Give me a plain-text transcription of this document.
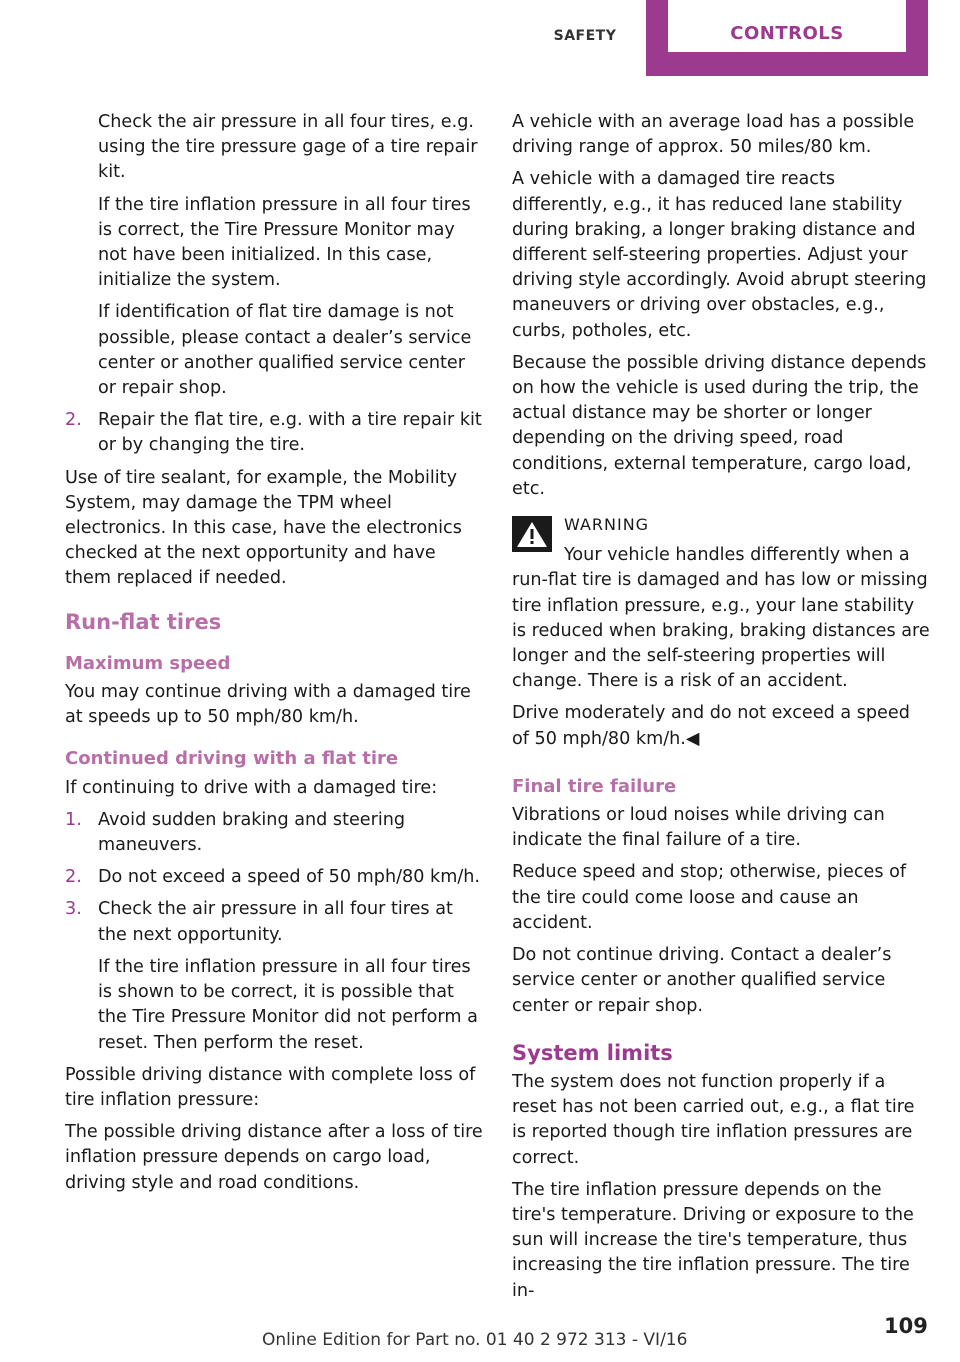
SAFETY	CONTROLS

Check the air pressure in all four tires, e.g. using the tire pressure gage of a tire repair kit.

If the tire inflation pressure in all four tires is correct, the Tire Pressure Monitor may not have been initialized. In this case, initialize the system.

If identification of flat tire damage is not possible, please contact a dealer’s service center or another qualified service center or repair shop.

2. Repair the flat tire, e.g. with a tire repair kit or by changing the tire.

Use of tire sealant, for example, the Mobility System, may damage the TPM wheel electronics. In this case, have the electronics checked at the next opportunity and have them replaced if needed.

Run-flat tires
Maximum speed

You may continue driving with a damaged tire at speeds up to 50 mph/80 km/h.

Continued driving with a flat tire

If continuing to drive with a damaged tire:

1. Avoid sudden braking and steering maneuvers.
2. Do not exceed a speed of 50 mph/80 km/h.
3. Check the air pressure in all four tires at the next opportunity.

If the tire inflation pressure in all four tires is shown to be correct, it is possible that the Tire Pressure Monitor did not perform a reset. Then perform the reset.

Possible driving distance with complete loss of tire inflation pressure:

The possible driving distance after a loss of tire inflation pressure depends on cargo load, driving style and road conditions.

A vehicle with an average load has a possible driving range of approx. 50 miles/80 km.

A vehicle with a damaged tire reacts differently, e.g., it has reduced lane stability during braking, a longer braking distance and different self-steering properties. Adjust your driving style accordingly. Avoid abrupt steering maneuvers or driving over obstacles, e.g., curbs, potholes, etc.

Because the possible driving distance depends on how the vehicle is used during the trip, the actual distance may be shorter or longer depending on the driving speed, road conditions, external temperature, cargo load, etc.

WARNING

Your vehicle handles differently when a run-flat tire is damaged and has low or missing tire inflation pressure, e.g., your lane stability is reduced when braking, braking distances are longer and the self-steering properties will change. There is a risk of an accident.

Drive moderately and do not exceed a speed of 50 mph/80 km/h.◀

Final tire failure

Vibrations or loud noises while driving can indicate the final failure of a tire.

Reduce speed and stop; otherwise, pieces of the tire could come loose and cause an accident.

Do not continue driving. Contact a dealer’s service center or another qualified service center or repair shop.

System limits

The system does not function properly if a reset has not been carried out, e.g., a flat tire is reported though tire inflation pressures are correct.

The tire inflation pressure depends on the tire's temperature. Driving or exposure to the sun will increase the tire's temperature, thus increasing the tire inflation pressure. The tire in-

Online Edition for Part no. 01 40 2 972 313 - VI/16
109
